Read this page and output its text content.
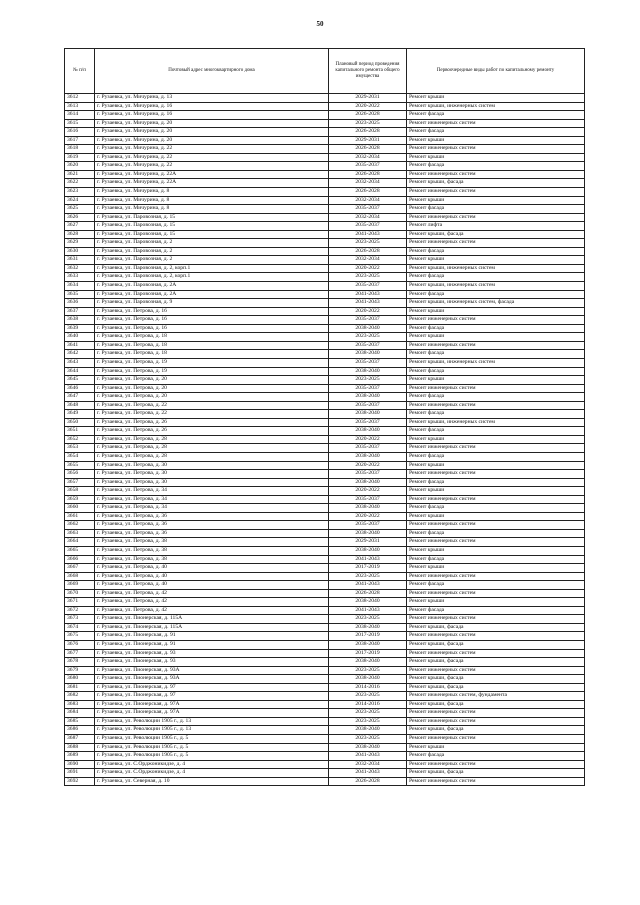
50
№ п/п	Почтовый адрес многоквартирного дома	Плановый период проведения капитального ремонта общего имущества	Первоочередные виды работ по капитальному ремонту
3612	г. Рузаевка, ул. Мичурина, д. 13	2029-2031	Ремонт крыши
3613	г. Рузаевка, ул. Мичурина, д. 16	2020-2022	Ремонт крыши, инженерных систем
3614	г. Рузаевка, ул. Мичурина, д. 16	2026-2028	Ремонт фасада
3615	г. Рузаевка, ул. Мичурина, д. 20	2023-2025	Ремонт инженерных систем
3616	г. Рузаевка, ул. Мичурина, д. 20	2026-2028	Ремонт фасада
3617	г. Рузаевка, ул. Мичурина, д. 20	2029-2031	Ремонт крыши
3618	г. Рузаевка, ул. Мичурина, д. 22	2026-2028	Ремонт инженерных систем
3619	г. Рузаевка, ул. Мичурина, д. 22	2032-2034	Ремонт крыши
3620	г. Рузаевка, ул. Мичурина, д. 22	2035-2037	Ремонт фасада
3621	г. Рузаевка, ул. Мичурина, д. 22А	2026-2028	Ремонт инженерных систем
3622	г. Рузаевка, ул. Мичурина, д. 22А	2032-2034	Ремонт крыши, фасада
3623	г. Рузаевка, ул. Мичурина, д. 8	2026-2028	Ремонт инженерных систем
3624	г. Рузаевка, ул. Мичурина, д. 8	2032-2034	Ремонт крыши
3625	г. Рузаевка, ул. Мичурина, д. 8	2035-2037	Ремонт фасада
3626	г. Рузаевка, ул. Паровозная, д. 15	2032-2034	Ремонт инженерных систем
3627	г. Рузаевка, ул. Паровозная, д. 15	2035-2037	Ремонт лифта
3628	г. Рузаевка, ул. Паровозная, д. 15	2041-2043	Ремонт крыши, фасада
3629	г. Рузаевка, ул. Паровозная, д. 2	2023-2025	Ремонт инженерных систем
3630	г. Рузаевка, ул. Паровозная, д. 2	2026-2028	Ремонт фасада
3631	г. Рузаевка, ул. Паровозная, д. 2	2032-2034	Ремонт крыши
3632	г. Рузаевка, ул. Паровозная, д. 2, корп.1	2020-2022	Ремонт крыши, инженерных систем
3633	г. Рузаевка, ул. Паровозная, д. 2, корп.1	2023-2025	Ремонт фасада
3634	г. Рузаевка, ул. Паровозная, д. 2А	2035-2037	Ремонт крыши, инженерных систем
3635	г. Рузаевка, ул. Паровозная, д. 2А	2041-2043	Ремонт фасада
3636	г. Рузаевка, ул. Паровозная, д. 9	2041-2043	Ремонт крыши, инженерных систем, фасада
3637	г. Рузаевка, ул. Петрова, д. 16	2020-2022	Ремонт крыши
3638	г. Рузаевка, ул. Петрова, д. 16	2035-2037	Ремонт инженерных систем
3639	г. Рузаевка, ул. Петрова, д. 16	2038-2040	Ремонт фасада
3640	г. Рузаевка, ул. Петрова, д. 18	2023-2025	Ремонт крыши
3641	г. Рузаевка, ул. Петрова, д. 18	2035-2037	Ремонт инженерных систем
3642	г. Рузаевка, ул. Петрова, д. 18	2038-2040	Ремонт фасада
3643	г. Рузаевка, ул. Петрова, д. 19	2035-2037	Ремонт крыши, инженерных систем
3644	г. Рузаевка, ул. Петрова, д. 19	2038-2040	Ремонт фасада
3645	г. Рузаевка, ул. Петрова, д. 20	2023-2025	Ремонт крыши
3646	г. Рузаевка, ул. Петрова, д. 20	2035-2037	Ремонт инженерных систем
3647	г. Рузаевка, ул. Петрова, д. 20	2038-2040	Ремонт фасада
3648	г. Рузаевка, ул. Петрова, д. 22	2035-2037	Ремонт инженерных систем
3649	г. Рузаевка, ул. Петрова, д. 22	2038-2040	Ремонт фасада
3650	г. Рузаевка, ул. Петрова, д. 26	2035-2037	Ремонт крыши, инженерных систем
3651	г. Рузаевка, ул. Петрова, д. 26	2038-2040	Ремонт фасада
3652	г. Рузаевка, ул. Петрова, д. 28	2020-2022	Ремонт крыши
3653	г. Рузаевка, ул. Петрова, д. 28	2035-2037	Ремонт инженерных систем
3654	г. Рузаевка, ул. Петрова, д. 28	2038-2040	Ремонт фасада
3655	г. Рузаевка, ул. Петрова, д. 30	2020-2022	Ремонт крыши
3656	г. Рузаевка, ул. Петрова, д. 30	2035-2037	Ремонт инженерных систем
3657	г. Рузаевка, ул. Петрова, д. 30	2038-2040	Ремонт фасада
3658	г. Рузаевка, ул. Петрова, д. 34	2020-2022	Ремонт крыши
3659	г. Рузаевка, ул. Петрова, д. 34	2035-2037	Ремонт инженерных систем
3660	г. Рузаевка, ул. Петрова, д. 34	2038-2040	Ремонт фасада
3661	г. Рузаевка, ул. Петрова, д. 36	2020-2022	Ремонт крыши
3662	г. Рузаевка, ул. Петрова, д. 36	2035-2037	Ремонт инженерных систем
3663	г. Рузаевка, ул. Петрова, д. 36	2038-2040	Ремонт фасада
3664	г. Рузаевка, ул. Петрова, д. 38	2029-2031	Ремонт инженерных систем
3665	г. Рузаевка, ул. Петрова, д. 38	2038-2040	Ремонт крыши
3666	г. Рузаевка, ул. Петрова, д. 38	2041-2043	Ремонт фасада
3667	г. Рузаевка, ул. Петрова, д. 40	2017-2019	Ремонт крыши
3668	г. Рузаевка, ул. Петрова, д. 40	2023-2025	Ремонт инженерных систем
3669	г. Рузаевка, ул. Петрова, д. 40	2041-2043	Ремонт фасада
3670	г. Рузаевка, ул. Петрова, д. 42	2026-2028	Ремонт инженерных систем
3671	г. Рузаевка, ул. Петрова, д. 42	2038-2040	Ремонт крыши
3672	г. Рузаевка, ул. Петрова, д. 42	2041-2043	Ремонт фасада
3673	г. Рузаевка, ул. Пионерская, д. 115А	2023-2025	Ремонт инженерных систем
3674	г. Рузаевка, ул. Пионерская, д. 115А	2038-2040	Ремонт крыши, фасада
3675	г. Рузаевка, ул. Пионерская, д. 91	2017-2019	Ремонт инженерных систем
3676	г. Рузаевка, ул. Пионерская, д. 91	2038-2040	Ремонт крыши, фасада
3677	г. Рузаевка, ул. Пионерская, д. 93	2017-2019	Ремонт инженерных систем
3678	г. Рузаевка, ул. Пионерская, д. 93	2038-2040	Ремонт крыши, фасада
3679	г. Рузаевка, ул. Пионерская, д. 93А	2023-2025	Ремонт инженерных систем
3680	г. Рузаевка, ул. Пионерская, д. 93А	2038-2040	Ремонт крыши, фасада
3681	г. Рузаевка, ул. Пионерская, д. 97	2014-2016	Ремонт крыши, фасада
3682	г. Рузаевка, ул. Пионерская, д. 97	2023-2025	Ремонт инженерных систем, фундамента
3683	г. Рузаевка, ул. Пионерская, д. 97А	2014-2016	Ремонт крыши, фасада
3684	г. Рузаевка, ул. Пионерская, д. 97А	2023-2025	Ремонт инженерных систем
3685	г. Рузаевка, ул. Революции 1905 г., д. 13	2023-2025	Ремонт инженерных систем
3686	г. Рузаевка, ул. Революции 1905 г., д. 13	2038-2040	Ремонт крыши, фасада
3687	г. Рузаевка, ул. Революции 1905 г., д. 5	2023-2025	Ремонт инженерных систем
3688	г. Рузаевка, ул. Революции 1905 г., д. 5	2038-2040	Ремонт крыши
3689	г. Рузаевка, ул. Революции 1905 г., д. 5	2041-2043	Ремонт фасада
3690	г. Рузаевка, ул. С.Орджоникидзе, д. 4	2032-2034	Ремонт инженерных систем
3691	г. Рузаевка, ул. С.Орджоникидзе, д. 4	2041-2043	Ремонт крыши, фасада
3692	г. Рузаевка, ул. Северная, д. 10	2026-2028	Ремонт инженерных систем
